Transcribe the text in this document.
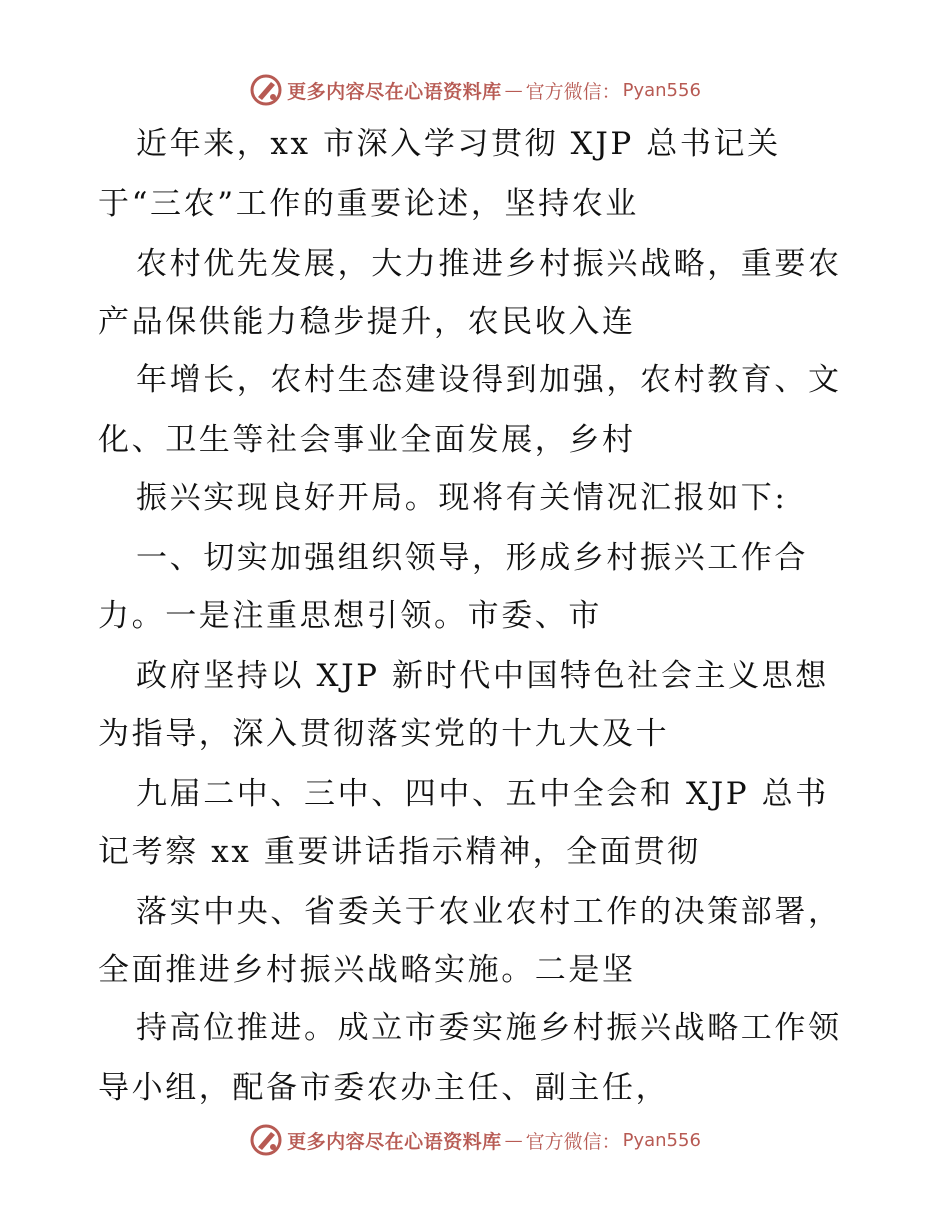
更多内容尽在心语资料库 — 官方微信： Pyan556
近年来，xx 市深入学习贯彻 XJP 总书记关
于“三农”工作的重要论述，坚持农业
农村优先发展，大力推进乡村振兴战略，重要农
产品保供能力稳步提升，农民收入连
年增长，农村生态建设得到加强，农村教育、文
化、卫生等社会事业全面发展，乡村
振兴实现良好开局。现将有关情况汇报如下:
一、切实加强组织领导，形成乡村振兴工作合
力。一是注重思想引领。市委、市
政府坚持以 XJP 新时代中国特色社会主义思想
为指导，深入贯彻落实党的十九大及十
九届二中、三中、四中、五中全会和 XJP 总书
记考察 xx 重要讲话指示精神，全面贯彻
落实中央、省委关于农业农村工作的决策部署，
全面推进乡村振兴战略实施。二是坚
持高位推进。成立市委实施乡村振兴战略工作领
导小组，配备市委农办主任、副主任，
更多内容尽在心语资料库 — 官方微信： Pyan556
